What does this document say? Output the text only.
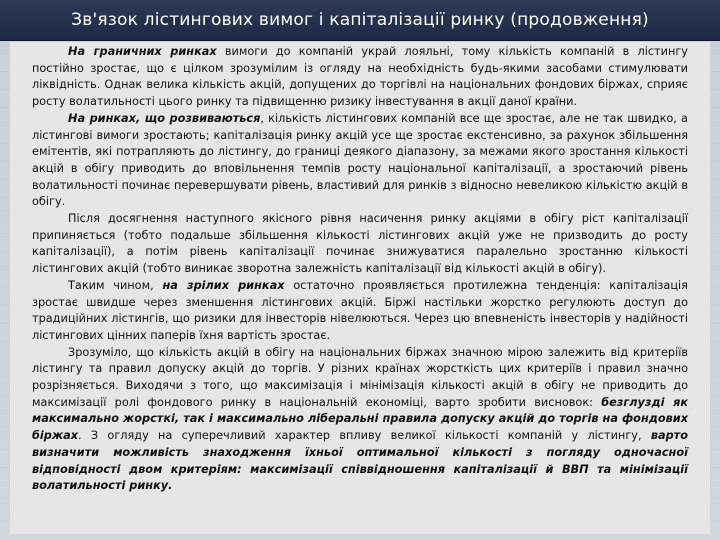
Зв'язок лістингових вимог і капіталізації ринку (продовження)

На граничних ринках вимоги до компаній украй лояльні, тому кількість компаній в лістингу постійно зростає, що є цілком зрозумілим із огляду на необхідність будь-якими засобами стимулювати ліквідність. Однак велика кількість акцій, допущених до торгівлі на національних фондових біржах, сприяє росту волатильності цього ринку та підвищенню ризику інвестування в акції даної країни.

На ринках, що розвиваються, кількість лістингових компаній все ще зростає, але не так швидко, а лістингові вимоги зростають; капіталізація ринку акцій усе ще зростає екстенсивно, за рахунок збільшення емітентів, які потрапляють до лістингу, до границі деякого діапазону, за межами якого зростання кількості акцій в обігу приводить до вповільнення темпів росту національної капіталізації, а зростаючий рівень волатильності починає перевершувати рівень, властивий для ринків з відносно невеликою кількістю акцій в обігу.

Після досягнення наступного якісного рівня насичення ринку акціями в обігу ріст капіталізації припиняється (тобто подальше збільшення кількості лістингових акцій уже не призводить до росту капіталізації), а потім рівень капіталізації починає знижуватися паралельно зростанню кількості лістингових акцій (тобто виникає зворотна залежність капіталізації від кількості акцій в обігу).

Таким чином, на зрілих ринках остаточно проявляється протилежна тенденція: капіталізація зростає швидше через зменшення лістингових акцій. Біржі настільки жорстко регулюють доступ до традиційних лістингів, що ризики для інвесторів нівелюються. Через цю впевненість інвесторів у надійності лістингових цінних паперів їхня вартість зростає.

Зрозуміло, що кількість акцій в обігу на національних біржах значною мірою залежить від критеріїв лістингу та правил допуску акцій до торгів. У різних країнах жорсткість цих критеріїв і правил значно розрізняється. Виходячи з того, що максимізація і мінімізація кількості акцій в обігу не приводить до максимізації ролі фондового ринку в національній економіці, варто зробити висновок: безглузді як максимально жорсткі, так і максимально ліберальні правила допуску акцій до торгів на фондових біржах. З огляду на суперечливий характер впливу великої кількості компаній у лістингу, варто визначити можливість знаходження їхньої оптимальної кількості з погляду одночасної відповідності двом критеріям: максимізації співвідношення капіталізації й ВВП та мінімізації волатильності ринку.
